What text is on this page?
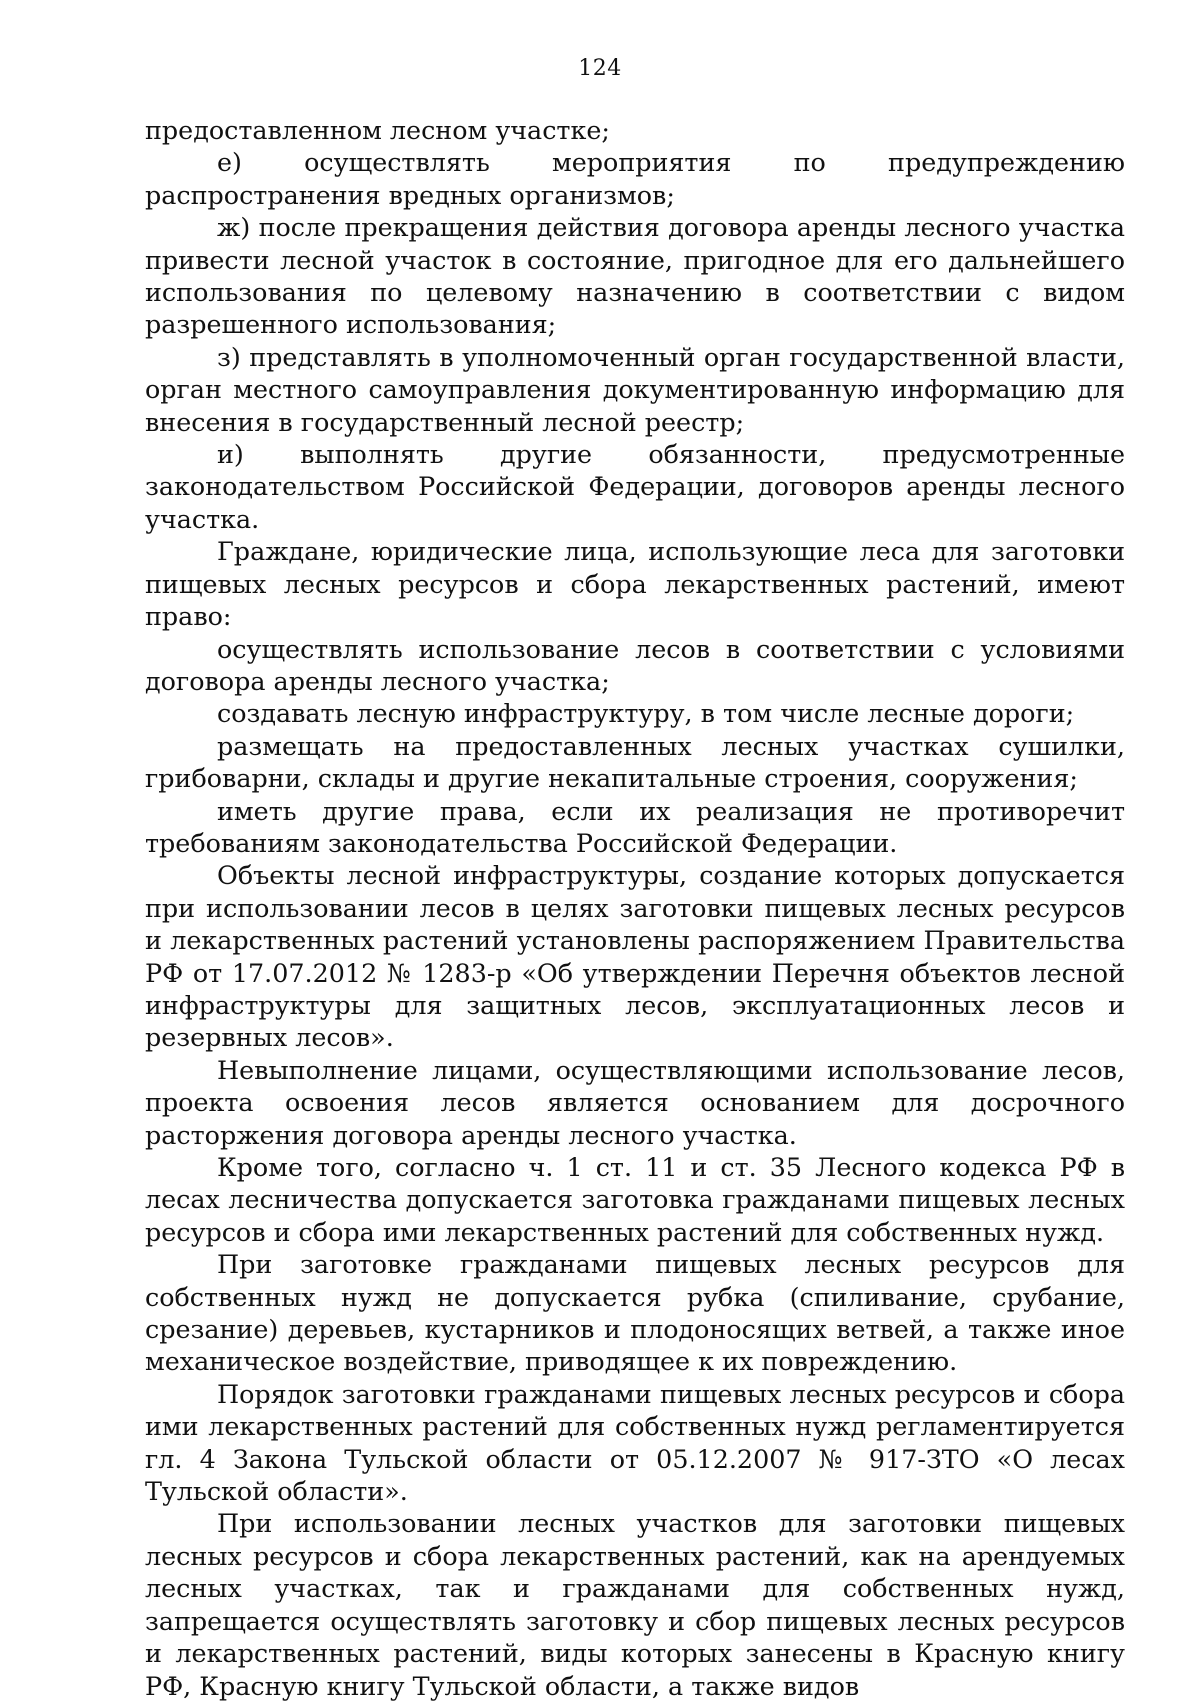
124

предоставленном лесном участке;

е) осуществлять мероприятия по предупреждению распространения вредных организмов;

ж) после прекращения действия договора аренды лесного участка привести лесной участок в состояние, пригодное для его дальнейшего использования по целевому назначению в соответствии с видом разрешенного использования;

з) представлять в уполномоченный орган государственной власти, орган местного самоуправления документированную информацию для внесения в государственный лесной реестр;

и) выполнять другие обязанности, предусмотренные законодательством Российской Федерации, договоров аренды лесного участка.

Граждане, юридические лица, использующие леса для заготовки пищевых лесных ресурсов и сбора лекарственных растений, имеют право:

осуществлять использование лесов в соответствии с условиями договора аренды лесного участка;

создавать лесную инфраструктуру, в том числе лесные дороги;

размещать на предоставленных лесных участках сушилки, грибоварни, склады и другие некапитальные строения, сооружения;

иметь другие права, если их реализация не противоречит требованиям законодательства Российской Федерации.

Объекты лесной инфраструктуры, создание которых допускается при использовании лесов в целях заготовки пищевых лесных ресурсов и лекарственных растений установлены распоряжением Правительства РФ от 17.07.2012 № 1283-р «Об утверждении Перечня объектов лесной инфраструктуры для защитных лесов, эксплуатационных лесов и резервных лесов».

Невыполнение лицами, осуществляющими использование лесов, проекта освоения лесов является основанием для досрочного расторжения договора аренды лесного участка.

Кроме того, согласно ч. 1 ст. 11 и ст. 35 Лесного кодекса РФ в лесах лесничества допускается заготовка гражданами пищевых лесных ресурсов и сбора ими лекарственных растений для собственных нужд.

При заготовке гражданами пищевых лесных ресурсов для собственных нужд не допускается рубка (спиливание, срубание, срезание) деревьев, кустарников и плодоносящих ветвей, а также иное механическое воздействие, приводящее к их повреждению.

Порядок заготовки гражданами пищевых лесных ресурсов и сбора ими лекарственных растений для собственных нужд регламентируется гл. 4 Закона Тульской области от 05.12.2007 № 917-ЗТО «О лесах Тульской области».

При использовании лесных участков для заготовки пищевых лесных ресурсов и сбора лекарственных растений, как на арендуемых лесных участках, так и гражданами для собственных нужд, запрещается осуществлять заготовку и сбор пищевых лесных ресурсов и лекарственных растений, виды которых занесены в Красную книгу РФ, Красную книгу Тульской области, а также видов
